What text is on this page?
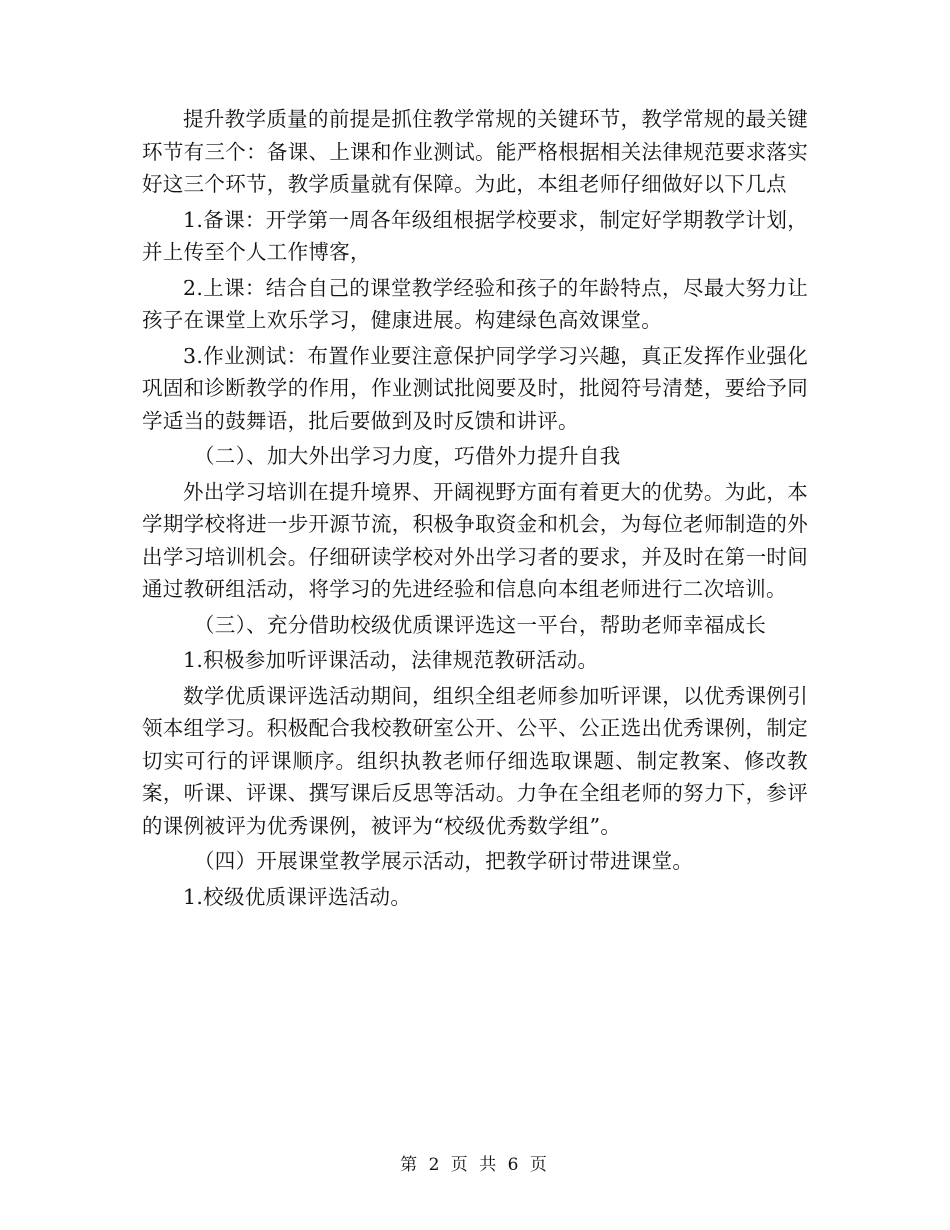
提升教学质量的前提是抓住教学常规的关键环节，教学常规的最关键环节有三个：备课、上课和作业测试。能严格根据相关法律规范要求落实好这三个环节，教学质量就有保障。为此，本组老师仔细做好以下几点

1.备课：开学第一周各年级组根据学校要求，制定好学期教学计划，并上传至个人工作博客，

2.上课：结合自己的课堂教学经验和孩子的年龄特点，尽最大努力让孩子在课堂上欢乐学习，健康进展。构建绿色高效课堂。

3.作业测试：布置作业要注意保护同学学习兴趣，真正发挥作业强化巩固和诊断教学的作用，作业测试批阅要及时，批阅符号清楚，要给予同学适当的鼓舞语，批后要做到及时反馈和讲评。

（二）、加大外出学习力度，巧借外力提升自我

外出学习培训在提升境界、开阔视野方面有着更大的优势。为此，本学期学校将进一步开源节流，积极争取资金和机会，为每位老师制造的外出学习培训机会。仔细研读学校对外出学习者的要求，并及时在第一时间通过教研组活动，将学习的先进经验和信息向本组老师进行二次培训。

（三）、充分借助校级优质课评选这一平台，帮助老师幸福成长

1.积极参加听评课活动，法律规范教研活动。

数学优质课评选活动期间，组织全组老师参加听评课，以优秀课例引领本组学习。积极配合我校教研室公开、公平、公正选出优秀课例，制定切实可行的评课顺序。组织执教老师仔细选取课题、制定教案、修改教案，听课、评课、撰写课后反思等活动。力争在全组老师的努力下，参评的课例被评为优秀课例，被评为“校级优秀数学组”。

（四）开展课堂教学展示活动，把教学研讨带进课堂。

1.校级优质课评选活动。

第 2 页 共 6 页
